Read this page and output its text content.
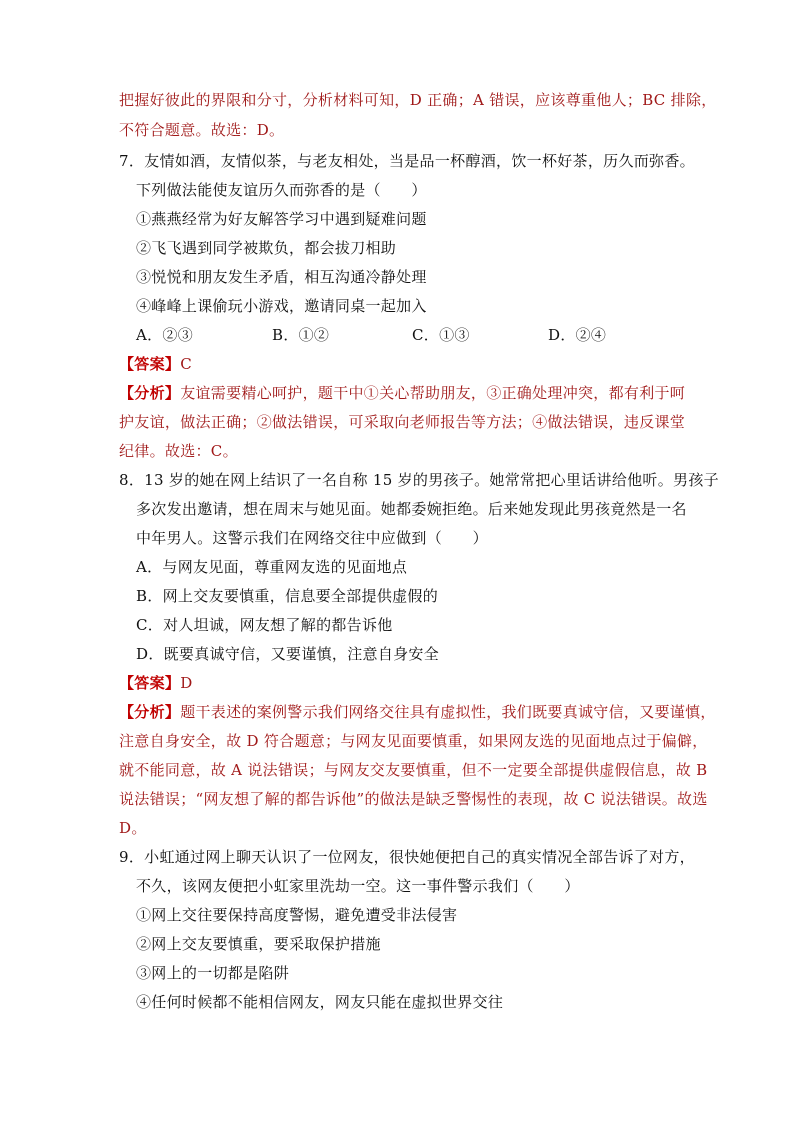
把握好彼此的界限和分寸，分析材料可知，D 正确；A 错误，应该尊重他人；BC 排除，
不符合题意。故选：D。
7．友情如酒，友情似茶，与老友相处，当是品一杯醇酒，饮一杯好茶，历久而弥香。
下列做法能使友谊历久而弥香的是（　　）
①燕燕经常为好友解答学习中遇到疑难问题
②飞飞遇到同学被欺负，都会拔刀相助
③悦悦和朋友发生矛盾，相互沟通冷静处理
④峰峰上课偷玩小游戏，邀请同桌一起加入
A．②③	B．①②	C．①③	D．②④
【答案】C
【分析】友谊需要精心呵护，题干中①关心帮助朋友，③正确处理冲突，都有利于呵
护友谊，做法正确；②做法错误，可采取向老师报告等方法；④做法错误，违反课堂
纪律。故选：C。
8．13 岁的她在网上结识了一名自称 15 岁的男孩子。她常常把心里话讲给他听。男孩子
多次发出邀请，想在周末与她见面。她都委婉拒绝。后来她发现此男孩竟然是一名
中年男人。这警示我们在网络交往中应做到（　　）
A．与网友见面，尊重网友选的见面地点
B．网上交友要慎重，信息要全部提供虚假的
C．对人坦诚，网友想了解的都告诉他
D．既要真诚守信，又要谨慎，注意自身安全
【答案】D
【分析】题干表述的案例警示我们网络交往具有虚拟性，我们既要真诚守信，又要谨慎，
注意自身安全，故 D 符合题意；与网友见面要慎重，如果网友选的见面地点过于偏僻，
就不能同意，故 A 说法错误；与网友交友要慎重，但不一定要全部提供虚假信息，故 B
说法错误；“网友想了解的都告诉他”的做法是缺乏警惕性的表现，故 C 说法错误。故选
D。
9．小虹通过网上聊天认识了一位网友，很快她便把自己的真实情况全部告诉了对方，
不久，该网友便把小虹家里洗劫一空。这一事件警示我们（　　）
①网上交往要保持高度警惕，避免遭受非法侵害
②网上交友要慎重，要采取保护措施
③网上的一切都是陷阱
④任何时候都不能相信网友，网友只能在虚拟世界交往
